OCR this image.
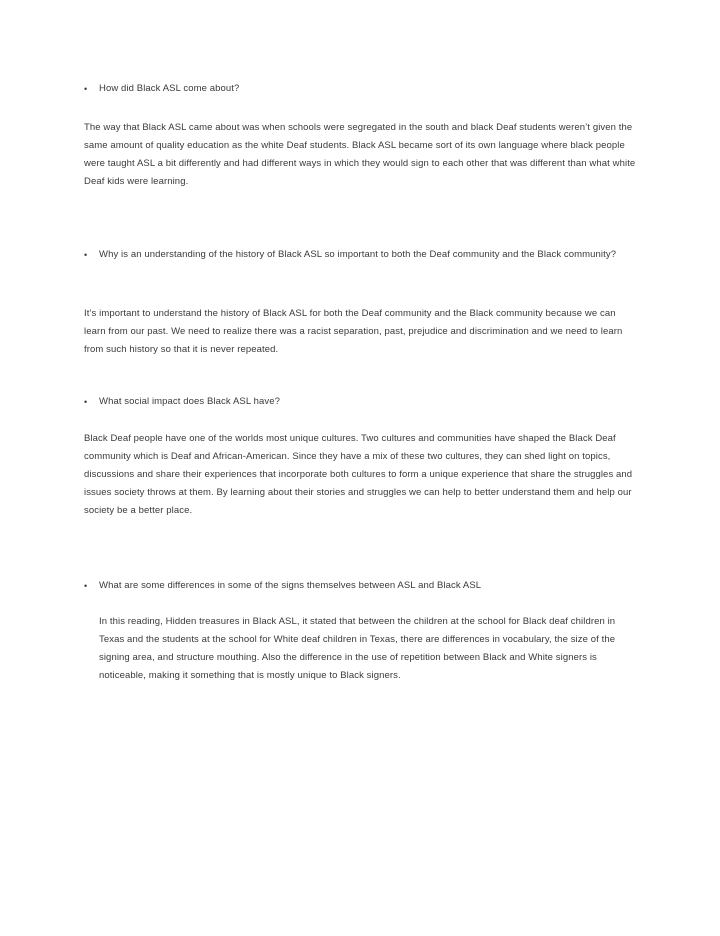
•	How did Black ASL come about?

The way that Black ASL came about was when schools were segregated in the south and black Deaf students weren’t given the same amount of quality education as the white Deaf students. Black ASL became sort of its own language where black people were taught ASL a bit differently and had different ways in which they would sign to each other that was different than what white Deaf kids were learning.

•	Why is an understanding of the history of Black ASL so important to both the Deaf community and the Black community?

It’s important to understand the history of Black ASL for both the Deaf community and the Black community because we can learn from our past. We need to realize there was a racist separation, past, prejudice and discrimination and we need to learn from such history so that it is never repeated.

•	What social impact does Black ASL have?

Black Deaf people have one of the worlds most unique cultures. Two cultures and communities have shaped the Black Deaf community which is Deaf and African-American. Since they have a mix of these two cultures, they can shed light on topics, discussions and share their experiences that incorporate both cultures to form a unique experience that share the struggles and issues society throws at them. By learning about their stories and struggles we can help to better understand them and help our society be a better place.

•	What are some differences in some of the signs themselves between ASL and Black ASL

In this reading, Hidden treasures in Black ASL, it stated that between the children at the school for Black deaf children in Texas and the students at the school for White deaf children in Texas, there are differences in vocabulary, the size of the signing area, and structure mouthing. Also the difference in the use of repetition between Black and White signers is noticeable, making it something that is mostly unique to Black signers.
